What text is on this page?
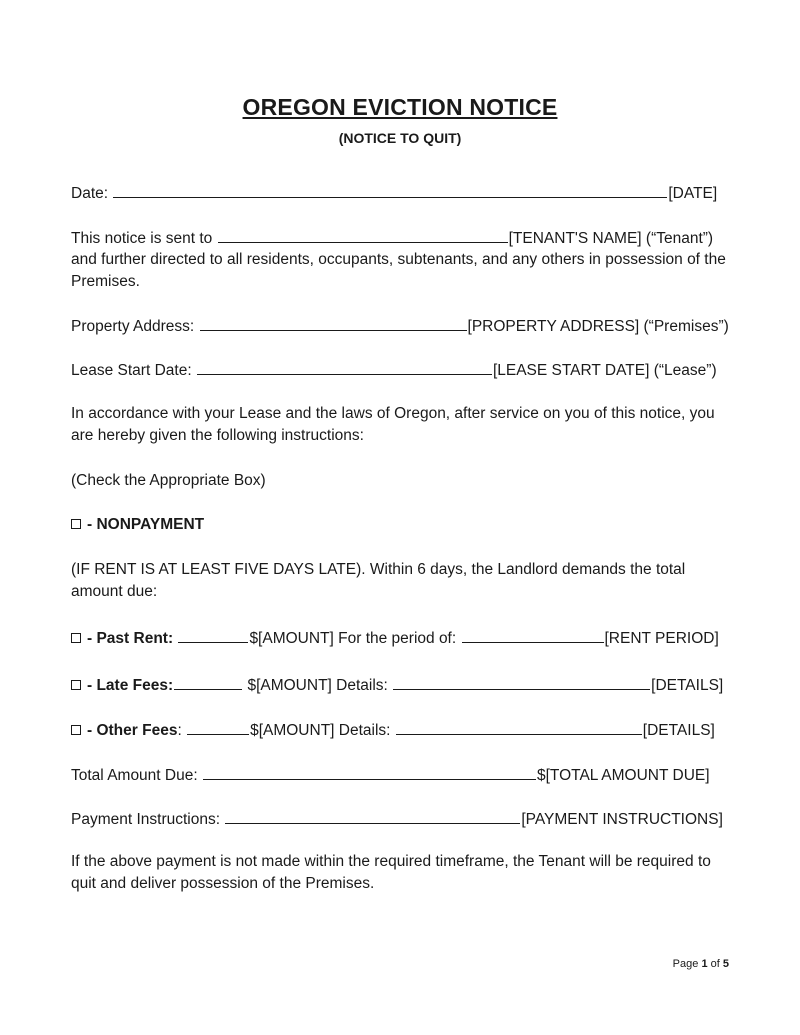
OREGON EVICTION NOTICE
(NOTICE TO QUIT)
Date:	[DATE]
This notice is sent to	[TENANT'S NAME] (“Tenant”)
and further directed to all residents, occupants, subtenants, and any others in possession of the Premises.
Property Address:	[PROPERTY ADDRESS] (“Premises”)
Lease Start Date:	[LEASE START DATE] (“Lease”)
In accordance with your Lease and the laws of Oregon, after service on you of this notice, you are hereby given the following instructions:
(Check the Appropriate Box)
- NONPAYMENT
(IF RENT IS AT LEAST FIVE DAYS LATE). Within 6 days, the Landlord demands the total amount due:
- Past Rent:	$[AMOUNT] For the period of:	[RENT PERIOD]
- Late Fees:	$[AMOUNT] Details:	[DETAILS]
- Other Fees:	$[AMOUNT] Details:	[DETAILS]
Total Amount Due:	$[TOTAL AMOUNT DUE]
Payment Instructions:	[PAYMENT INSTRUCTIONS]
If the above payment is not made within the required timeframe, the Tenant will be required to quit and deliver possession of the Premises.
Page 1 of 5
